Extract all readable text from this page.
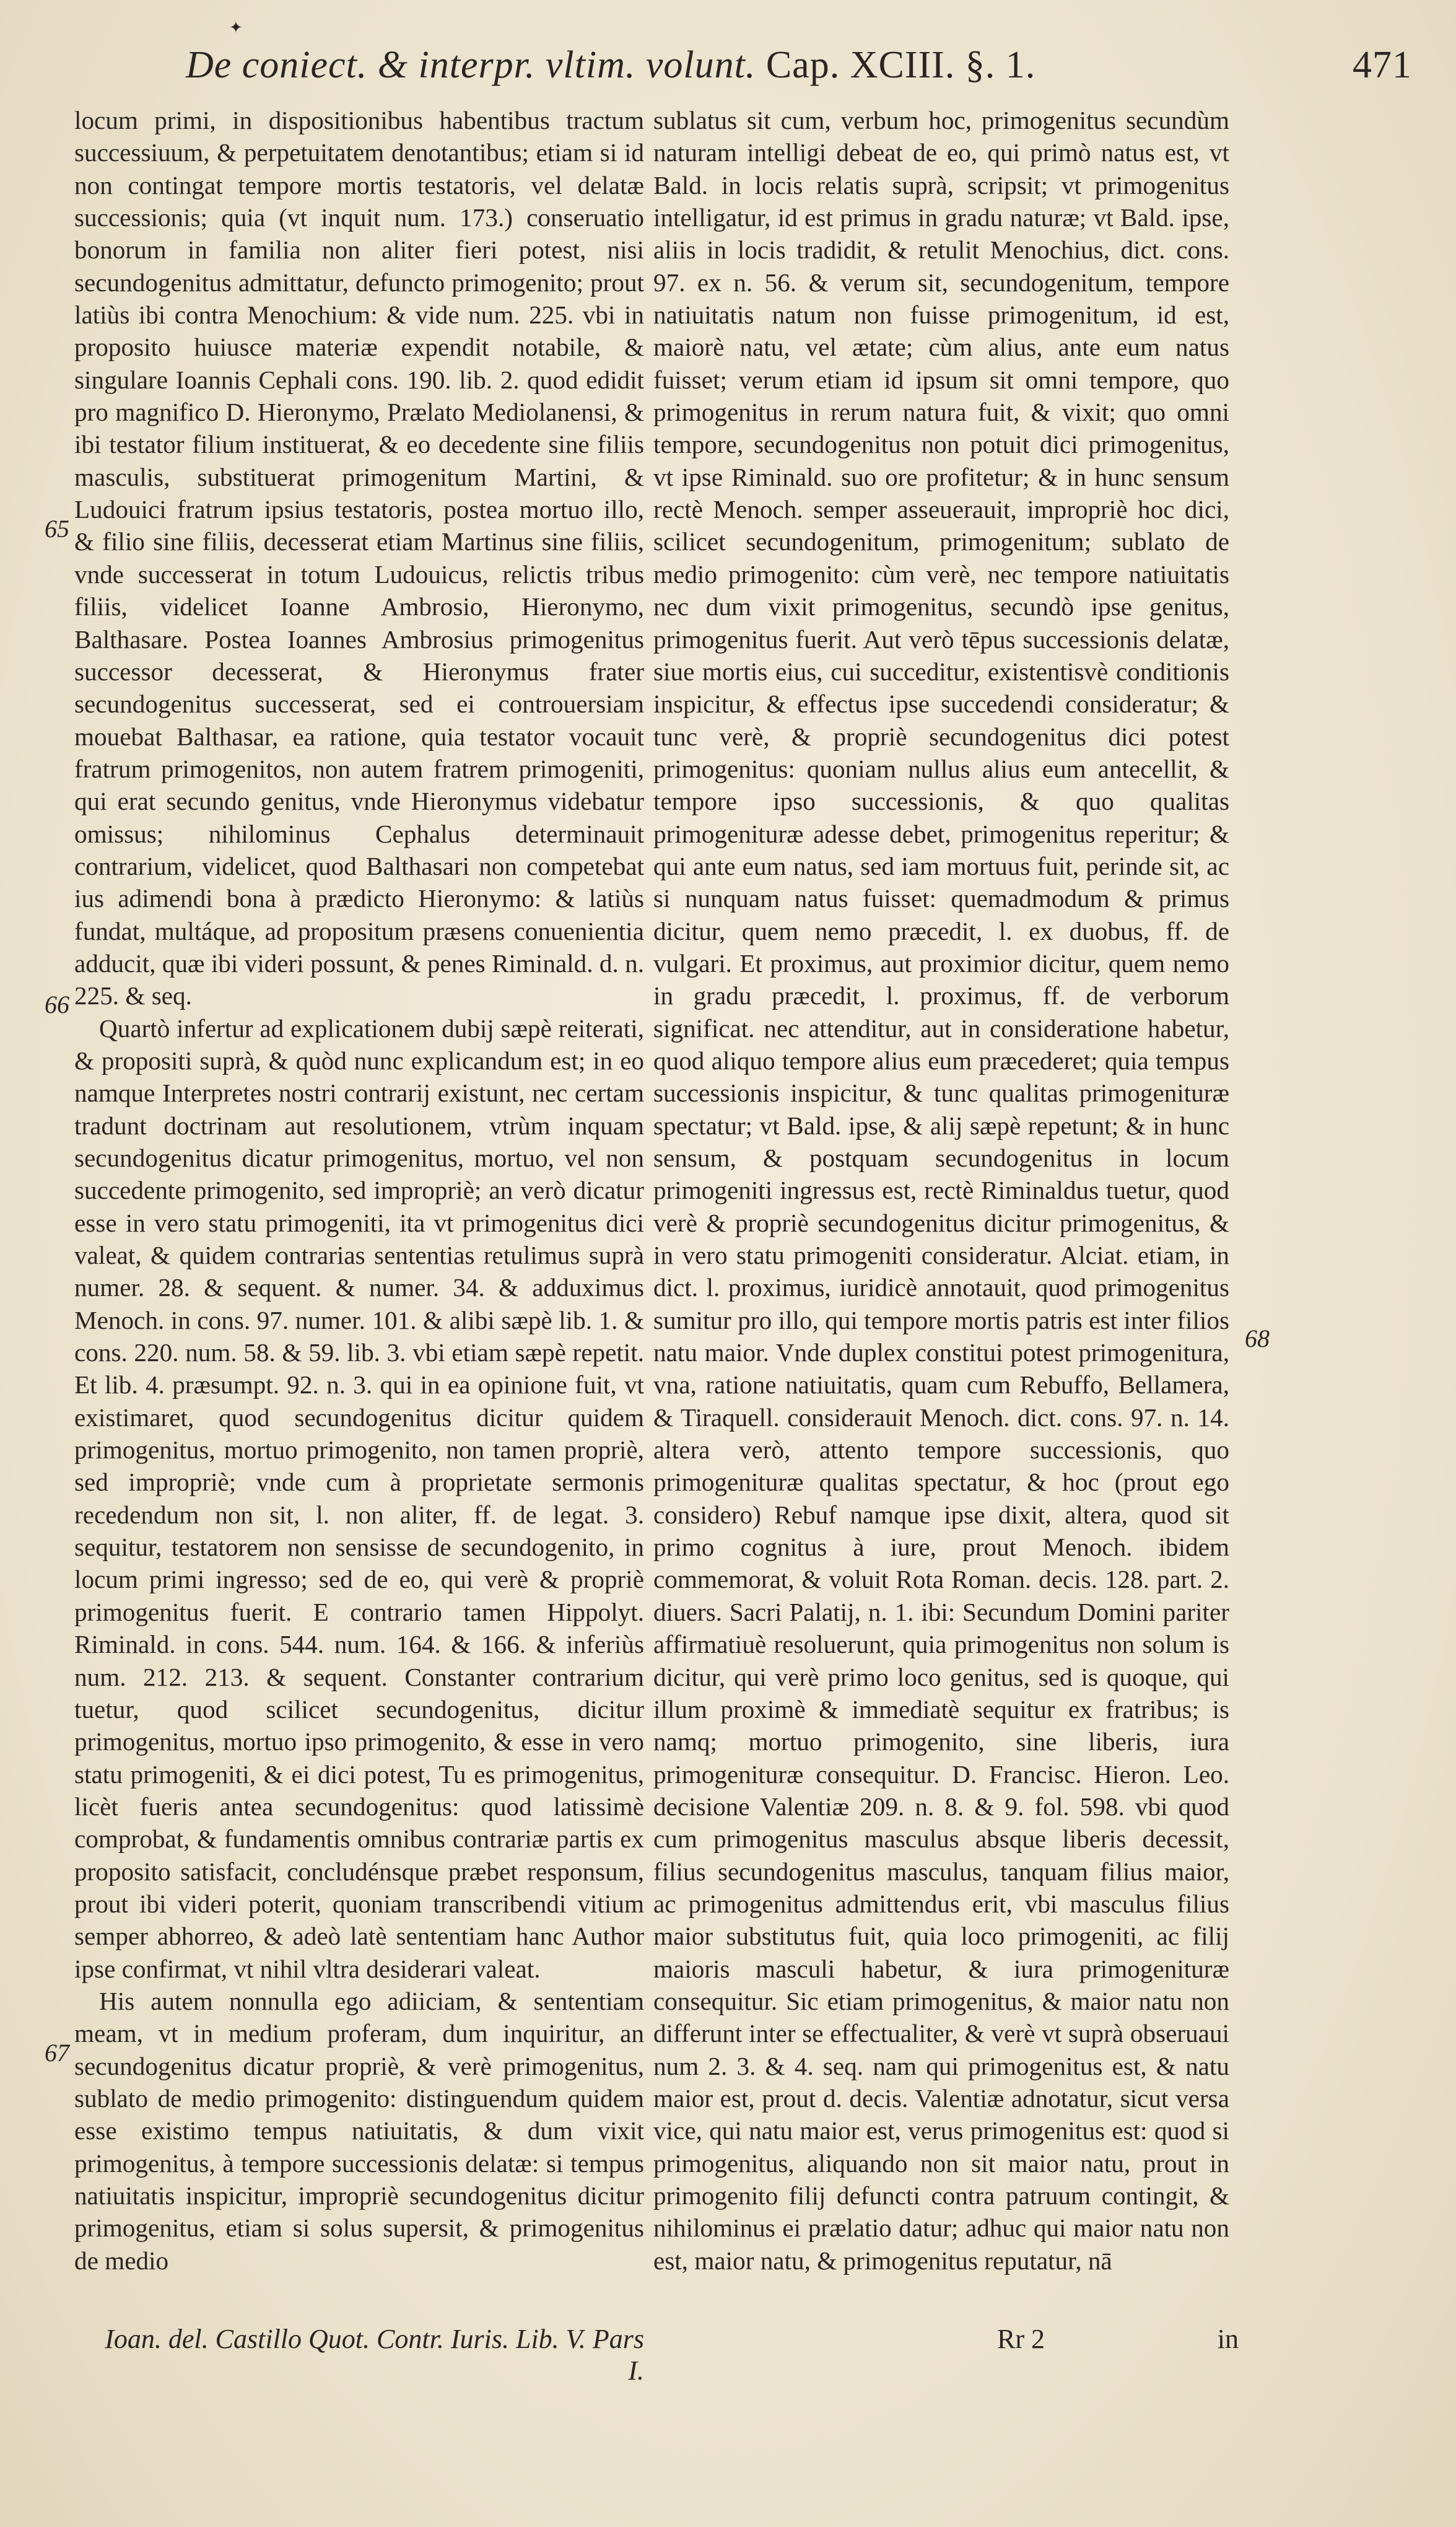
✦
De coniect. & interpr. vltim. volunt. Cap. XCIII. §. 1.	471

locum primi, in dispositionibus habentibus tractum successiuum, & perpetuitatem denotantibus; etiam si id non contingat tempore mortis testatoris, vel delatæ successionis; quia (vt inquit num. 173.) conseruatio bonorum in familia non aliter fieri potest, nisi secundogenitus admittatur, defuncto primogenito; prout latiùs ibi contra Menochium: & vide num. 225. vbi in proposito huiusce materiæ expendit notabile, & singulare Ioannis Cephali cons. 190. lib. 2. quod edidit pro magnifico D. Hieronymo, Prælato Mediolanensi, & ibi testator filium instituerat, & eo decedente sine filiis masculis, substituerat primogenitum Martini, & Ludouici fratrum ipsius testatoris, postea mortuo illo, & filio sine filiis, decesserat etiam Martinus sine filiis, vnde successerat in totum Ludouicus, relictis tribus filiis, videlicet Ioanne Ambrosio, Hieronymo, Balthasare. Postea Ioannes Ambrosius primogenitus successor decesserat, & Hieronymus frater secundogenitus successerat, sed ei controuersiam mouebat Balthasar, ea ratione, quia testator vocauit fratrum primogenitos, non autem fratrem primogeniti, qui erat secundo genitus, vnde Hieronymus videbatur omissus; nihilominus Cephalus determinauit contrarium, videlicet, quod Balthasari non competebat ius adimendi bona à prædicto Hieronymo: & latiùs fundat, multáque, ad propositum præsens conuenientia adducit, quæ ibi videri possunt, & penes Riminald. d. n. 225. & seq.

Quartò infertur ad explicationem dubij sæpè reiterati, & propositi suprà, & quòd nunc explicandum est; in eo namque Interpretes nostri contrarij existunt, nec certam tradunt doctrinam aut resolutionem, vtrùm inquam secundogenitus dicatur primogenitus, mortuo, vel non succedente primogenito, sed impropriè; an verò dicatur esse in vero statu primogeniti, ita vt primogenitus dici valeat, & quidem contrarias sententias retulimus suprà numer. 28. & sequent. & numer. 34. & adduximus Menoch. in cons. 97. numer. 101. & alibi sæpè lib. 1. & cons. 220. num. 58. & 59. lib. 3. vbi etiam sæpè repetit. Et lib. 4. præsumpt. 92. n. 3. qui in ea opinione fuit, vt existimaret, quod secundogenitus dicitur quidem primogenitus, mortuo primogenito, non tamen propriè, sed impropriè; vnde cum à proprietate sermonis recedendum non sit, l. non aliter, ff. de legat. 3. sequitur, testatorem non sensisse de secundogenito, in locum primi ingresso; sed de eo, qui verè & propriè primogenitus fuerit. E contrario tamen Hippolyt. Riminald. in cons. 544. num. 164. & 166. & inferiùs num. 212. 213. & sequent. Constanter contrarium tuetur, quod scilicet secundogenitus, dicitur primogenitus, mortuo ipso primogenito, & esse in vero statu primogeniti, & ei dici potest, Tu es primogenitus, licèt fueris antea secundogenitus: quod latissimè comprobat, & fundamentis omnibus contrariæ partis ex proposito satisfacit, concludénsque præbet responsum, prout ibi videri poterit, quoniam transcribendi vitium semper abhorreo, & adeò latè sententiam hanc Author ipse confirmat, vt nihil vltra desiderari valeat.

His autem nonnulla ego adiiciam, & sententiam meam, vt in medium proferam, dum inquiritur, an secundogenitus dicatur propriè, & verè primogenitus, sublato de medio primogenito: distinguendum quidem esse existimo tempus natiuitatis, & dum vixit primogenitus, à tempore successionis delatæ: si tempus natiuitatis inspicitur, impropriè secundogenitus dicitur primogenitus, etiam si solus supersit, & primogenitus de medio

sublatus sit cum, verbum hoc, primogenitus secundùm naturam intelligi debeat de eo, qui primò natus est, vt Bald. in locis relatis suprà, scripsit; vt primogenitus intelligatur, id est primus in gradu naturæ; vt Bald. ipse, aliis in locis tradidit, & retulit Menochius, dict. cons. 97. ex n. 56. & verum sit, secundogenitum, tempore natiuitatis natum non fuisse primogenitum, id est, maiorè natu, vel ætate; cùm alius, ante eum natus fuisset; verum etiam id ipsum sit omni tempore, quo primogenitus in rerum natura fuit, & vixit; quo omni tempore, secundogenitus non potuit dici primogenitus, vt ipse Riminald. suo ore profitetur; & in hunc sensum rectè Menoch. semper asseuerauit, impropriè hoc dici, scilicet secundogenitum, primogenitum; sublato de medio primogenito: cùm verè, nec tempore natiuitatis nec dum vixit primogenitus, secundò ipse genitus, primogenitus fuerit. Aut verò tēpus successionis delatæ, siue mortis eius, cui succeditur, existentisvè conditionis inspicitur, & effectus ipse succedendi consideratur; & tunc verè, & propriè secundogenitus dici potest primogenitus: quoniam nullus alius eum antecellit, & tempore ipso successionis, & quo qualitas primogenituræ adesse debet, primogenitus reperitur; & qui ante eum natus, sed iam mortuus fuit, perinde sit, ac si nunquam natus fuisset: quemadmodum & primus dicitur, quem nemo præcedit, l. ex duobus, ff. de vulgari. Et proximus, aut proximior dicitur, quem nemo in gradu præcedit, l. proximus, ff. de verborum significat. nec attenditur, aut in consideratione habetur, quod aliquo tempore alius eum præcederet; quia tempus successionis inspicitur, & tunc qualitas primogenituræ spectatur; vt Bald. ipse, & alij sæpè repetunt; & in hunc sensum, & postquam secundogenitus in locum primogeniti ingressus est, rectè Riminaldus tuetur, quod verè & propriè secundogenitus dicitur primogenitus, & in vero statu primogeniti consideratur. Alciat. etiam, in dict. l. proximus, iuridicè annotauit, quod primogenitus sumitur pro illo, qui tempore mortis patris est inter filios natu maior. Vnde duplex constitui potest primogenitura, vna, ratione natiuitatis, quam cum Rebuffo, Bellamera, & Tiraquell. considerauit Menoch. dict. cons. 97. n. 14. altera verò, attento tempore successionis, quo primogenituræ qualitas spectatur, & hoc (prout ego considero) Rebuf namque ipse dixit, altera, quod sit primo cognitus à iure, prout Menoch. ibidem commemorat, & voluit Rota Roman. decis. 128. part. 2. diuers. Sacri Palatij, n. 1. ibi: Secundum Domini pariter affirmatiuè resoluerunt, quia primogenitus non solum is dicitur, qui verè primo loco genitus, sed is quoque, qui illum proximè & immediatè sequitur ex fratribus; is namq; mortuo primogenito, sine liberis, iura primogenituræ consequitur. D. Francisc. Hieron. Leo. decisione Valentiæ 209. n. 8. & 9. fol. 598. vbi quod cum primogenitus masculus absque liberis decessit, filius secundogenitus masculus, tanquam filius maior, ac primogenitus admittendus erit, vbi masculus filius maior substitutus fuit, quia loco primogeniti, ac filij maioris masculi habetur, & iura primogenituræ consequitur. Sic etiam primogenitus, & maior natu non differunt inter se effectualiter, & verè vt suprà obseruaui num 2. 3. & 4. seq. nam qui primogenitus est, & natu maior est, prout d. decis. Valentiæ adnotatur, sicut versa vice, qui natu maior est, verus primogenitus est: quod si primogenitus, aliquando non sit maior natu, prout in primogenito filij defuncti contra patruum contingit, & nihilominus ei prælatio datur; adhuc qui maior natu non est, maior natu, & primogenitus reputatur, nā

65
66
67
68
Ioan. del. Castillo Quot. Contr. Iuris. Lib. V. Pars I.
Rr 2	in
